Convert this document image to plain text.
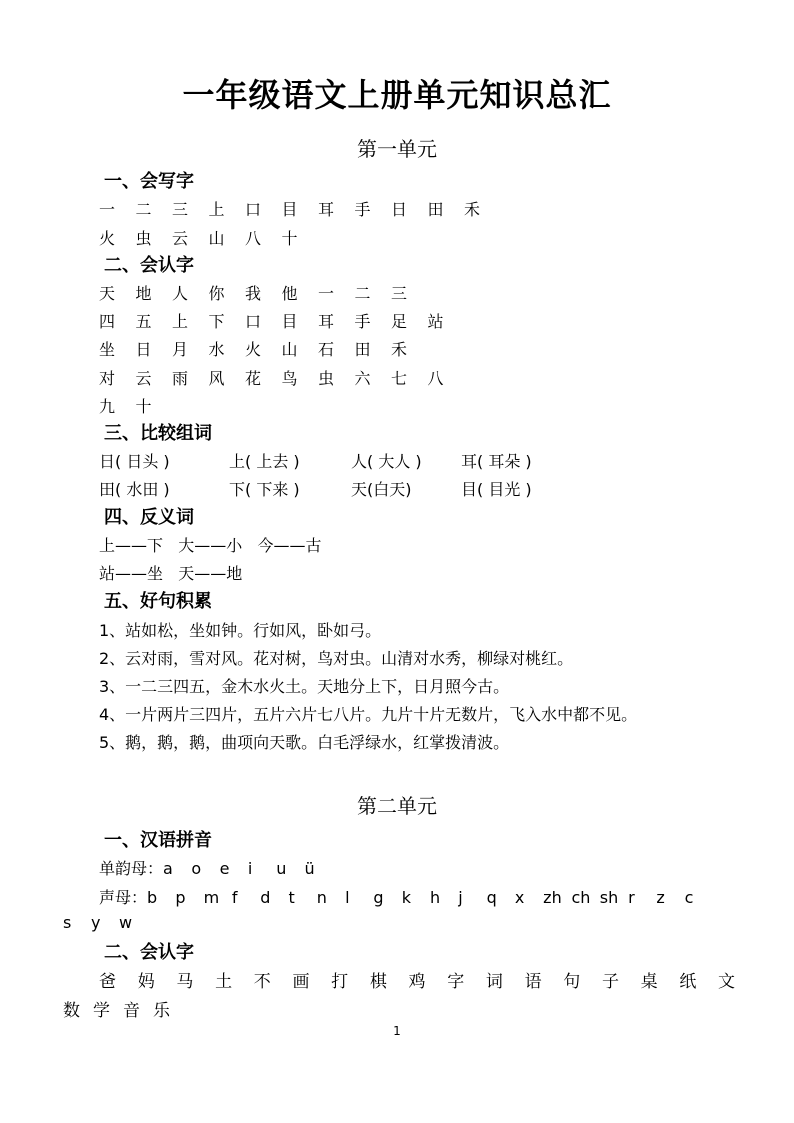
一年级语文上册单元知识总汇
第一单元
一、会写字
一 二 三 上 口 目 耳 手 日 田 禾
火 虫 云 山 八 十
二、会认字
天 地 人 你 我 他 一 二 三
四 五 上 下 口 目 耳 手 足 站
坐 日 月 水 火 山 石 田 禾
对 云 雨 风 花 鸟 虫 六 七 八
九 十
三、比较组词
日( 日头 )	上( 上去 )	人( 大人 ) 耳( 耳朵 )
田( 水田 )	下( 下来 )	天(白天)	目( 目光 )
四、反义词
上——下   大——小   今——古
站——坐   天——地
五、好句积累
1、站如松，坐如钟。行如风，卧如弓。
2、云对雨，雪对风。花对树，鸟对虫。山清对水秀，柳绿对桃红。
3、一二三四五，金木水火土。天地分上下，日月照今古。
4、一片两片三四片，五片六片七八片。九片十片无数片，飞入水中都不见。
5、鹅，鹅，鹅，曲项向天歌。白毛浮绿水，红掌拨清波。
第二单元
一、汉语拼音
单韵母：a o e i u ü
声母：b p m f d t n l g k h j q x zh ch sh r z c
s y w
二、会认字
爸 妈 马 土 不 画 打 棋 鸡 字 词 语 句 子 桌 纸 文
数 学 音 乐
1
